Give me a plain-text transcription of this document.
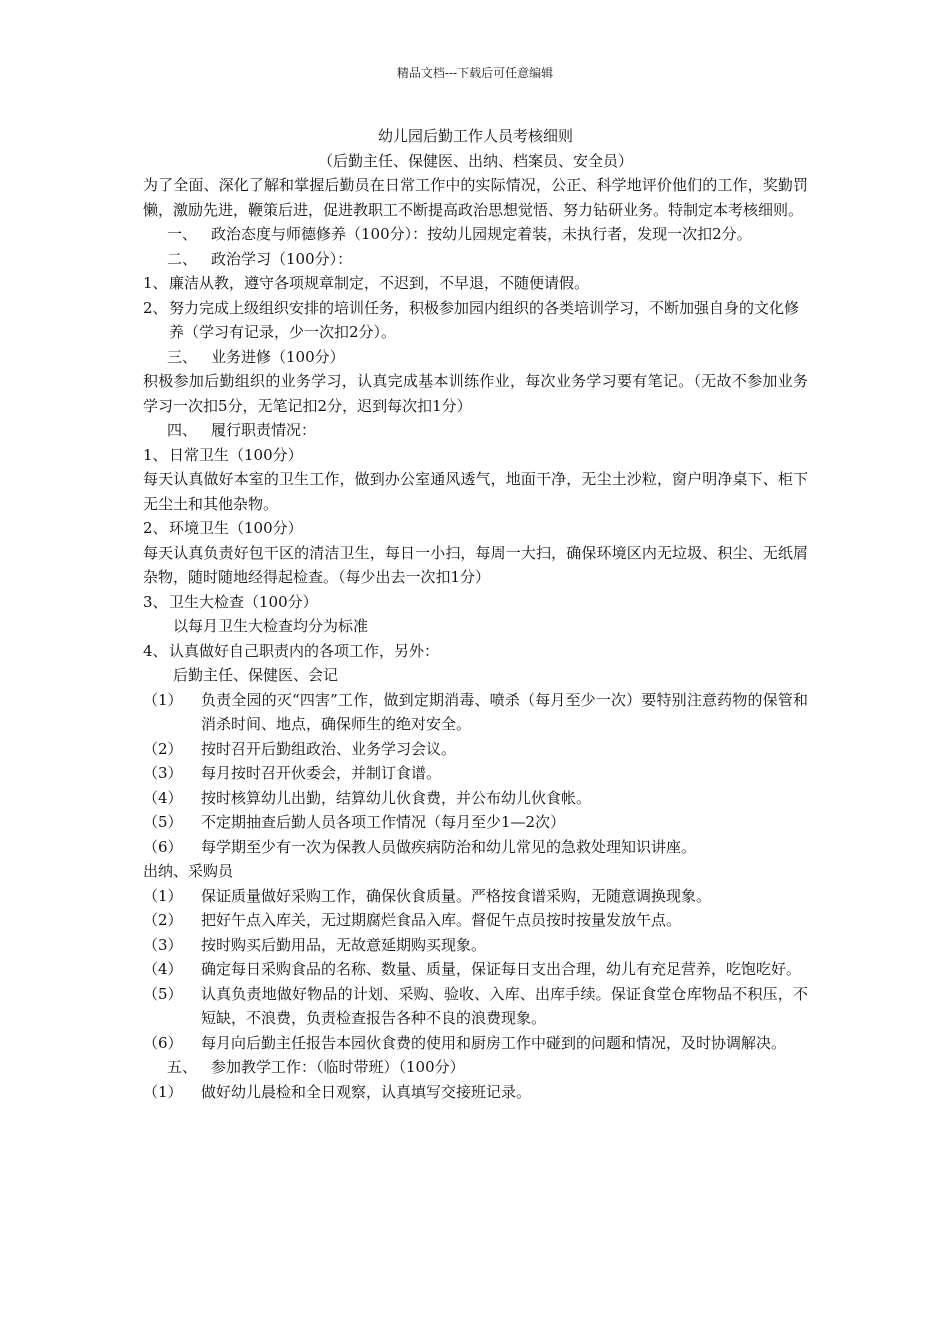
精品文档---下载后可任意编辑

幼儿园后勤工作人员考核细则

（后勤主任、保健医、出纳、档案员、安全员）

为了全面、深化了解和掌握后勤员在日常工作中的实际情况，公正、科学地评价他们的工作，奖勤罚懒，激励先进，鞭策后进，促进教职工不断提高政治思想觉悟、努力钻研业务。特制定本考核细则。

一、 政治态度与师德修养（100分）：按幼儿园规定着装，未执行者，发现一次扣2分。
二、 政治学习（100分）：
1、 廉洁从教，遵守各项规章制定，不迟到，不早退，不随便请假。
2、 努力完成上级组织安排的培训任务，积极参加园内组织的各类培训学习，不断加强自身的文化修养（学习有记录，少一次扣2分）。
三、 业务进修（100分）

积极参加后勤组织的业务学习，认真完成基本训练作业，每次业务学习要有笔记。（无故不参加业务学习一次扣5分，无笔记扣2分，迟到每次扣1分）

四、 履行职责情况：
1、 日常卫生（100分）

每天认真做好本室的卫生工作，做到办公室通风透气，地面干净，无尘土沙粒，窗户明净桌下、柜下无尘土和其他杂物。

2、 环境卫生（100分）

每天认真负责好包干区的清洁卫生，每日一小扫，每周一大扫，确保环境区内无垃圾、积尘、无纸屑杂物，随时随地经得起检查。（每少出去一次扣1分）

3、 卫生大检查（100分）

以每月卫生大检查均分为标准

4、 认真做好自己职责内的各项工作，另外：

后勤主任、保健医、会记

（1）	负责全园的灭“四害”工作，做到定期消毒、喷杀（每月至少一次）要特别注意药物的保管和消杀时间、地点，确保师生的绝对安全。
（2）	按时召开后勤组政治、业务学习会议。
（3）	每月按时召开伙委会，并制订食谱。
（4）	按时核算幼儿出勤，结算幼儿伙食费，并公布幼儿伙食帐。
（5）	不定期抽查后勤人员各项工作情况（每月至少1—2次）
（6）	每学期至少有一次为保教人员做疾病防治和幼儿常见的急救处理知识讲座。

出纳、采购员

（1）	保证质量做好采购工作，确保伙食质量。严格按食谱采购，无随意调换现象。
（2）	把好午点入库关，无过期腐烂食品入库。督促午点员按时按量发放午点。
（3）	按时购买后勤用品，无故意延期购买现象。
（4）	确定每日采购食品的名称、数量、质量，保证每日支出合理，幼儿有充足营养，吃饱吃好。
（5）	认真负责地做好物品的计划、采购、验收、入库、出库手续。保证食堂仓库物品不积压，不短缺，不浪费，负责检查报告各种不良的浪费现象。
（6）	每月向后勤主任报告本园伙食费的使用和厨房工作中碰到的问题和情况，及时协调解决。
五、 参加教学工作：（临时带班）（100分）
（1）	做好幼儿晨检和全日观察，认真填写交接班记录。
